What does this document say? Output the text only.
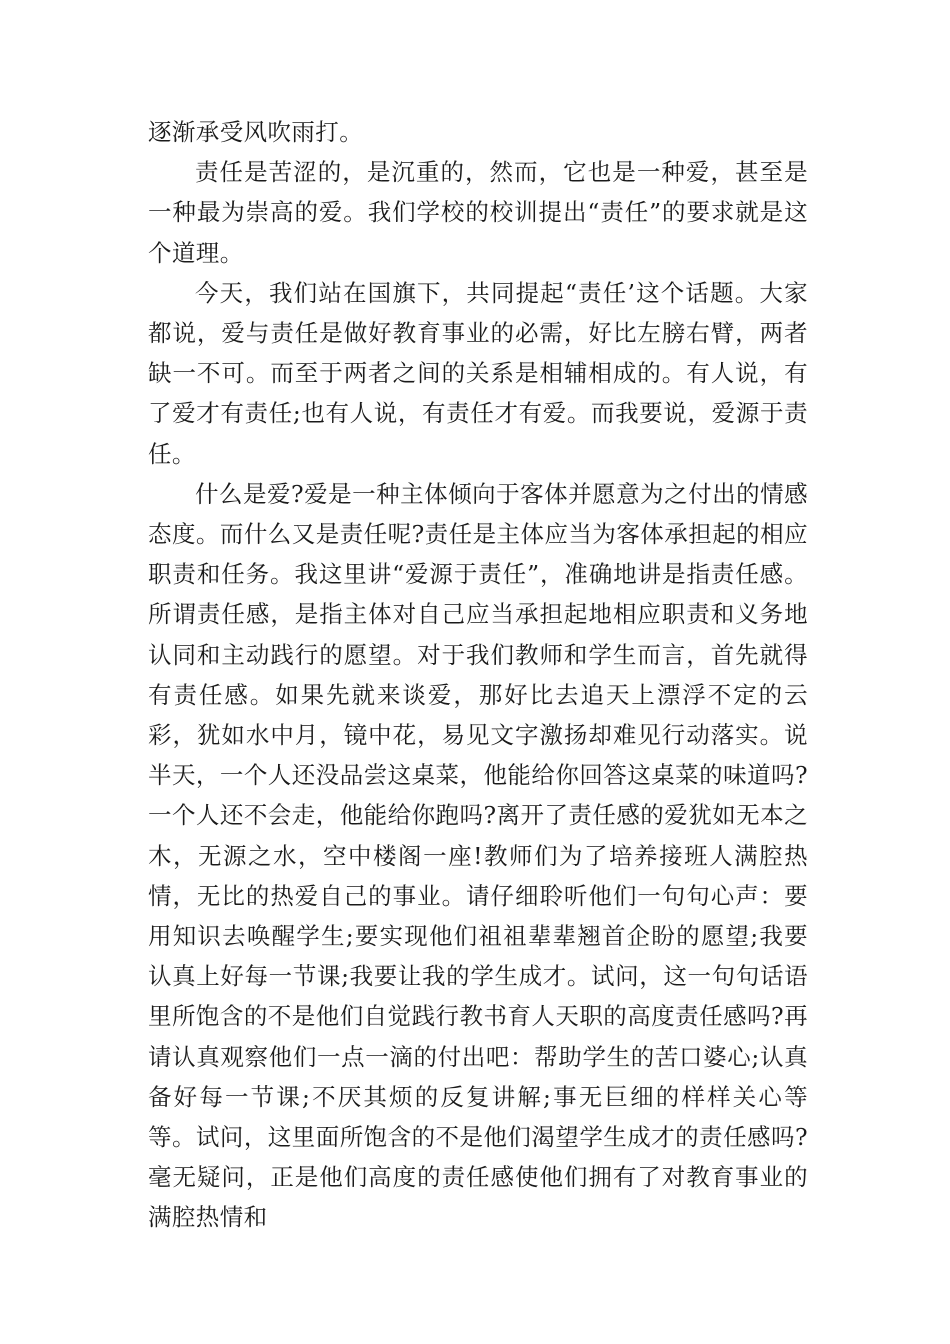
逐渐承受风吹雨打。

责任是苦涩的，是沉重的，然而，它也是一种爱，甚至是一种最为崇高的爱。我们学校的校训提出“责任”的要求就是这个道理。

今天，我们站在国旗下，共同提起“责任’这个话题。大家都说，爱与责任是做好教育事业的必需，好比左膀右臂，两者缺一不可。而至于两者之间的关系是相辅相成的。有人说，有了爱才有责任;也有人说，有责任才有爱。而我要说，爱源于责任。

什么是爱?爱是一种主体倾向于客体并愿意为之付出的情感态度。而什么又是责任呢?责任是主体应当为客体承担起的相应职责和任务。我这里讲“爱源于责任”，准确地讲是指责任感。所谓责任感，是指主体对自己应当承担起地相应职责和义务地认同和主动践行的愿望。对于我们教师和学生而言，首先就得有责任感。如果先就来谈爱，那好比去追天上漂浮不定的云彩，犹如水中月，镜中花，易见文字激扬却难见行动落实。说半天，一个人还没品尝这桌菜，他能给你回答这桌菜的味道吗?一个人还不会走，他能给你跑吗?离开了责任感的爱犹如无本之木，无源之水，空中楼阁一座!教师们为了培养接班人满腔热情，无比的热爱自己的事业。请仔细聆听他们一句句心声：要用知识去唤醒学生;要实现他们祖祖辈辈翘首企盼的愿望;我要认真上好每一节课;我要让我的学生成才。试问，这一句句话语里所饱含的不是他们自觉践行教书育人天职的高度责任感吗?再请认真观察他们一点一滴的付出吧：帮助学生的苦口婆心;认真备好每一节课;不厌其烦的反复讲解;事无巨细的样样关心等等。试问，这里面所饱含的不是他们渴望学生成才的责任感吗?毫无疑问，正是他们高度的责任感使他们拥有了对教育事业的满腔热情和
